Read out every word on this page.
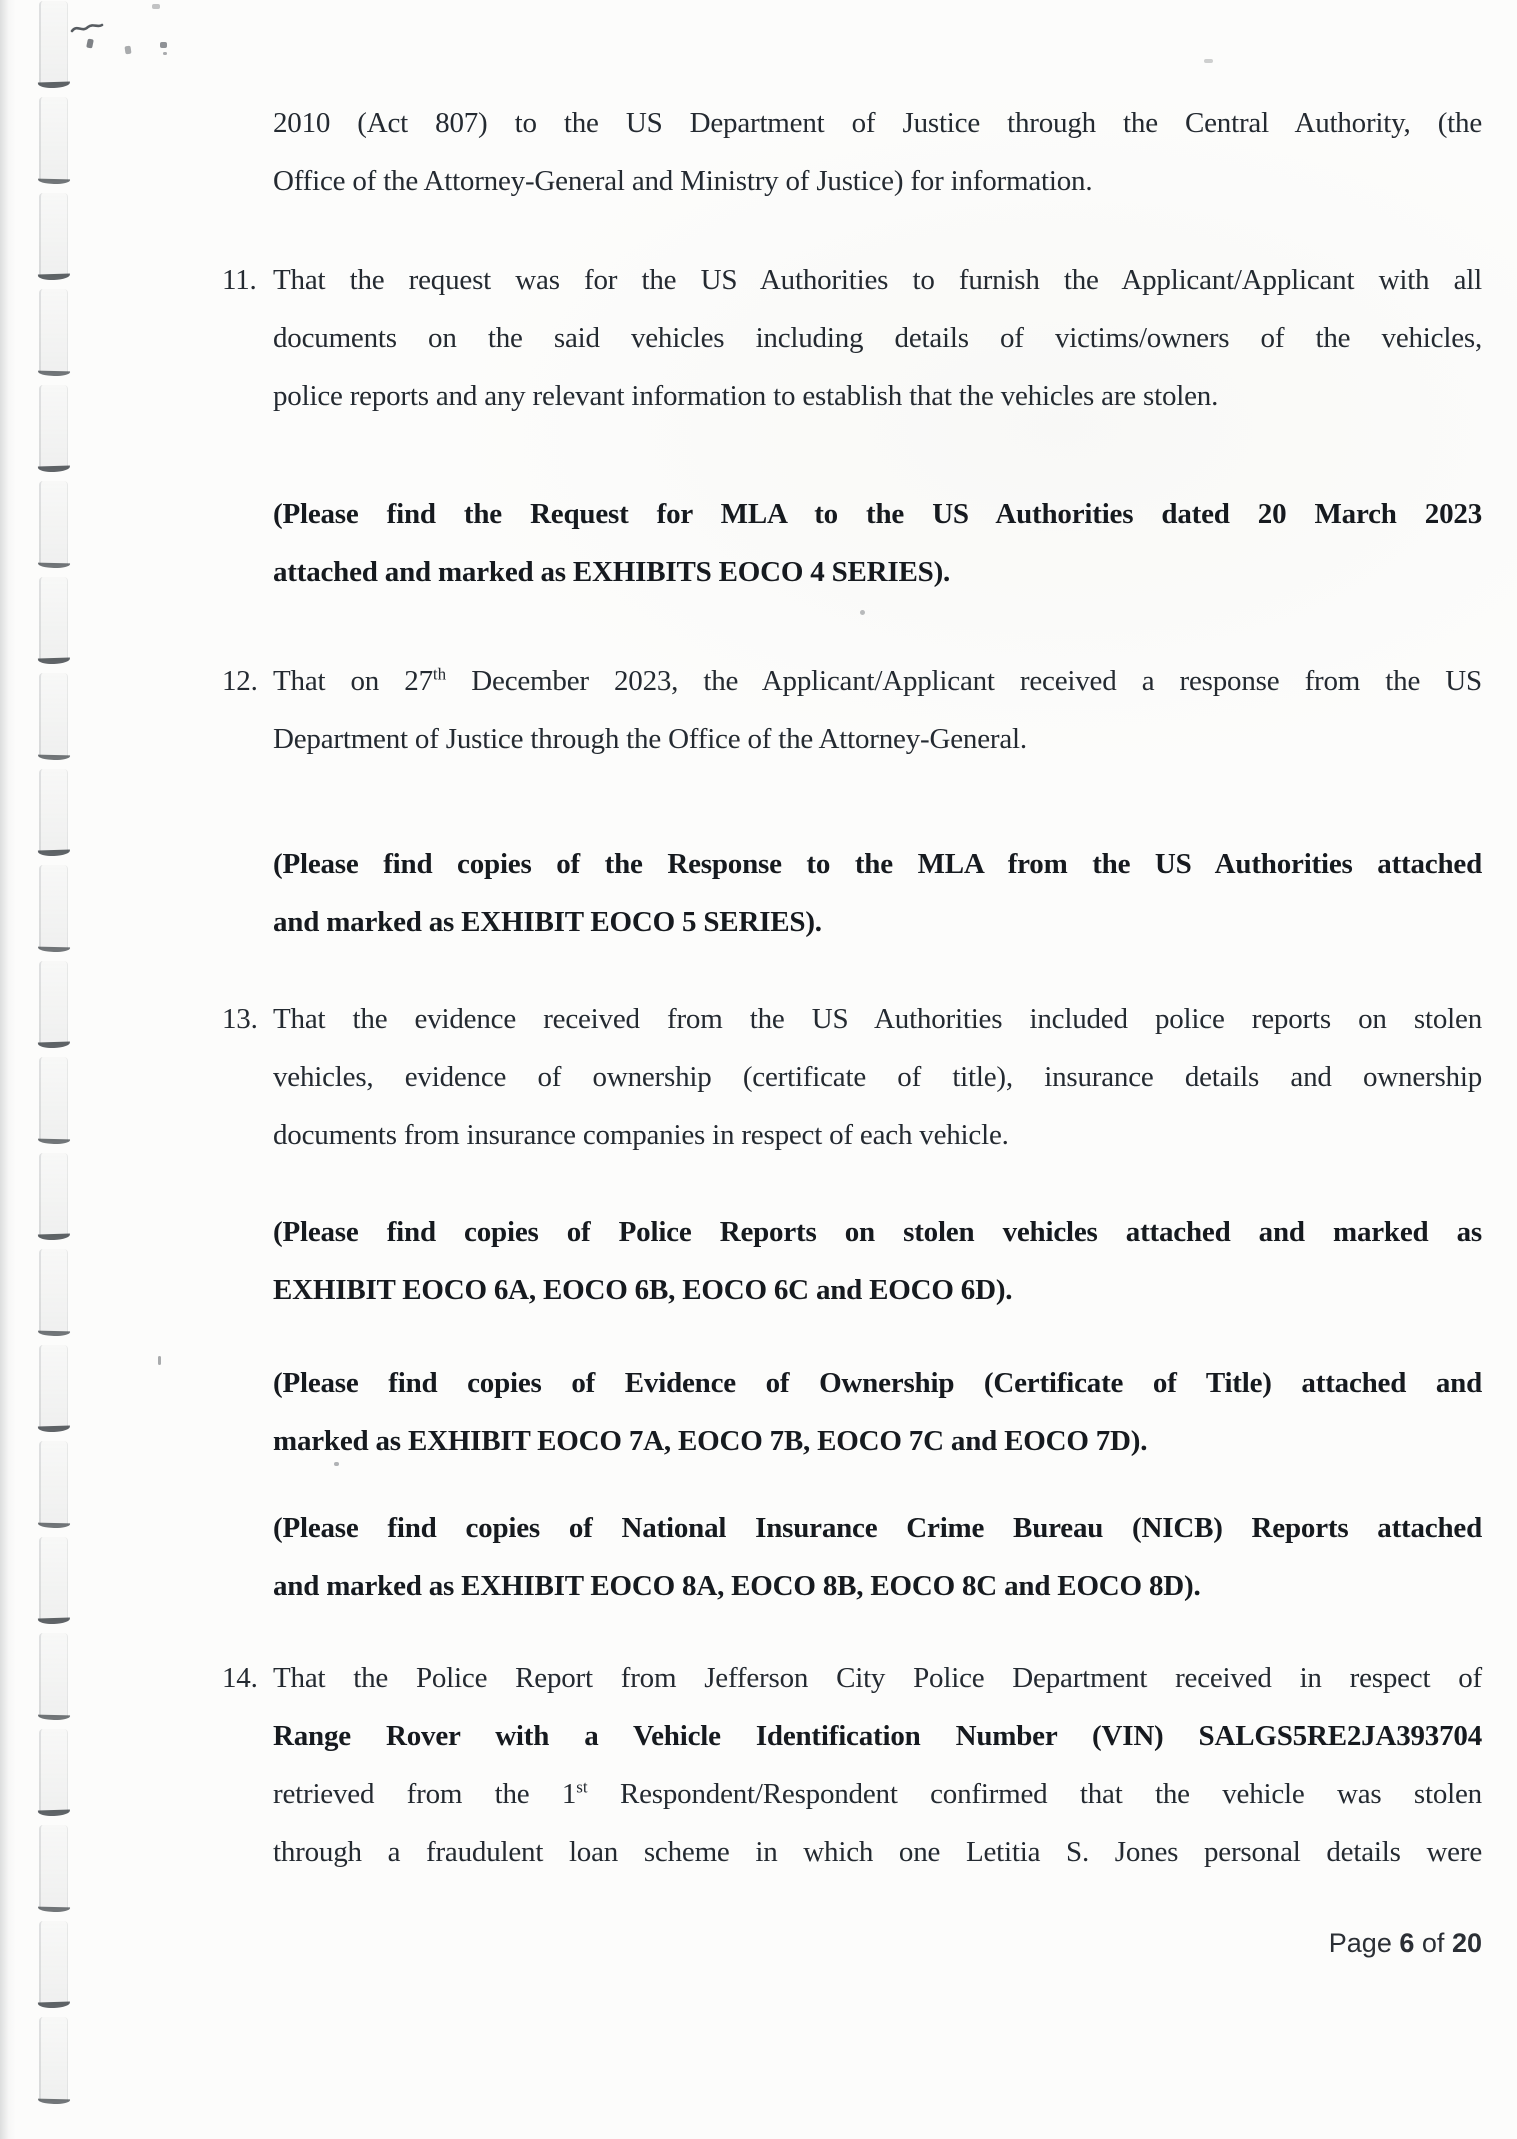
2010 (Act 807) to the US Department of Justice through the Central Authority, (the
Office of the Attorney-General and Ministry of Justice) for information.
11. That the request was for the US Authorities to furnish the Applicant/Applicant with all
documents on the said vehicles including details of victims/owners of the vehicles,
police reports and any relevant information to establish that the vehicles are stolen.
(Please find the Request for MLA to the US Authorities dated 20 March 2023
attached and marked as EXHIBITS EOCO 4 SERIES).
12. That on 27th December 2023, the Applicant/Applicant received a response from the US
Department of Justice through the Office of the Attorney-General.
(Please find copies of the Response to the MLA from the US Authorities attached
and marked as EXHIBIT EOCO 5 SERIES).
13. That the evidence received from the US Authorities included police reports on stolen
vehicles, evidence of ownership (certificate of title), insurance details and ownership
documents from insurance companies in respect of each vehicle.
(Please find copies of Police Reports on stolen vehicles attached and marked as
EXHIBIT EOCO 6A, EOCO 6B, EOCO 6C and EOCO 6D).
(Please find copies of Evidence of Ownership (Certificate of Title) attached and
marked as EXHIBIT EOCO 7A, EOCO 7B, EOCO 7C and EOCO 7D).
(Please find copies of National Insurance Crime Bureau (NICB) Reports attached
and marked as EXHIBIT EOCO 8A, EOCO 8B, EOCO 8C and EOCO 8D).
14. That the Police Report from Jefferson City Police Department received in respect of
Range Rover with a Vehicle Identification Number (VIN) SALGS5RE2JA393704
retrieved from the 1st Respondent/Respondent confirmed that the vehicle was stolen
through a fraudulent loan scheme in which one Letitia S. Jones personal details were
Page 6 of 20
